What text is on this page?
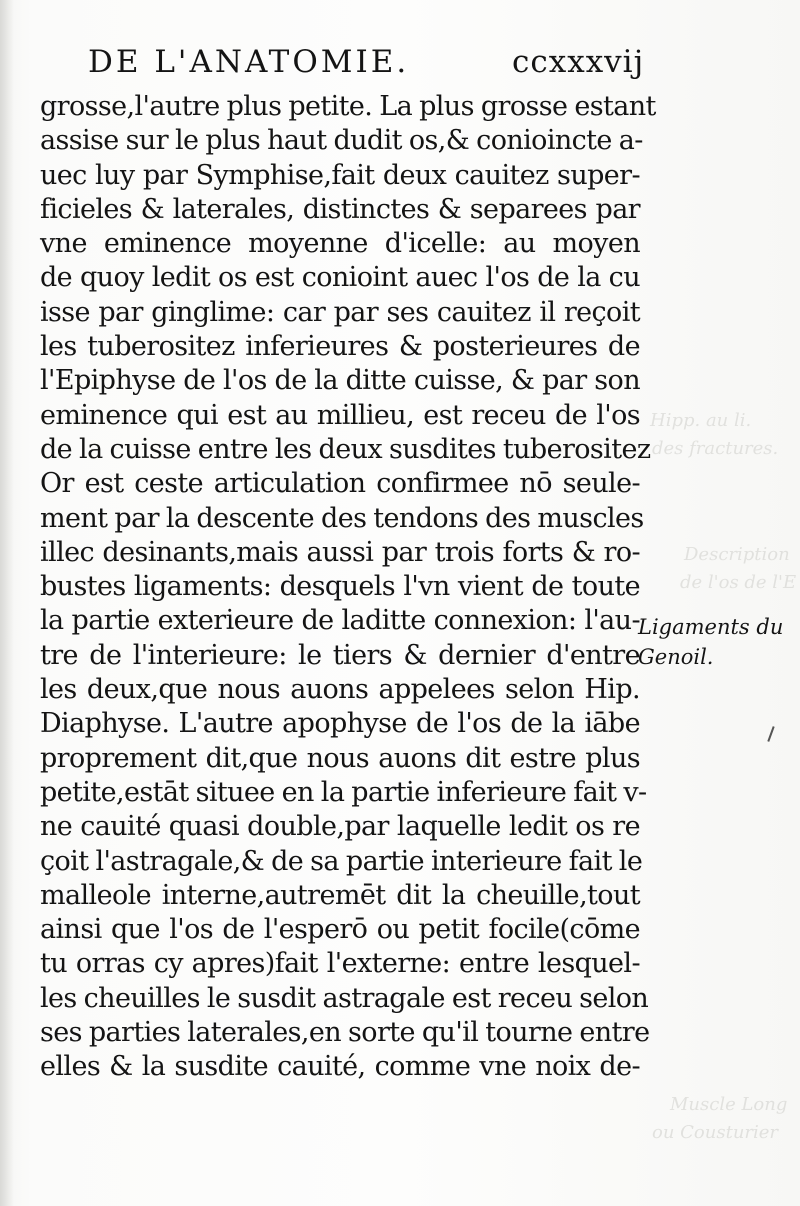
Hipp. au li.
des fractures.
Description
de l'os de l'E
Muscle Long
ou Cousturier
DE L'ANATOMIE.	ccxxxvij
grosse,l'autre plus petite. La plus grosse estant
assise sur le plus haut dudit os,& conioincte a-
uec luy par Symphise,fait deux cauitez super-
ficieles & laterales, distinctes & separees par
vne eminence moyenne d'icelle: au moyen
de quoy ledit os est conioint auec l'os de la cu
isse par ginglime: car par ses cauitez il reçoit
les tuberositez inferieures & posterieures de
l'Epiphyse de l'os de la ditte cuisse, & par son
eminence qui est au millieu, est receu de l'os
de la cuisse entre les deux susdites tuberositez
Or est ceste articulation confirmee nō seule-
ment par la descente des tendons des muscles
illec desinants,mais aussi par trois forts & ro-
bustes ligaments: desquels l'vn vient de toute
la partie exterieure de laditte connexion: l'au-
tre de l'interieure: le tiers & dernier d'entre
les deux,que nous auons appelees selon Hip.
Diaphyse. L'autre apophyse de l'os de la iābe
proprement dit,que nous auons dit estre plus
petite,estāt situee en la partie inferieure fait v-
ne cauité quasi double,par laquelle ledit os re
çoit l'astragale,& de sa partie interieure fait le
malleole interne,autremēt dit la cheuille,tout
ainsi que l'os de l'esperō ou petit focile(cōme
tu orras cy apres)fait l'externe: entre lesquel-
les cheuilles le susdit astragale est receu selon
ses parties laterales,en sorte qu'il tourne entre
elles & la susdite cauité, comme vne noix de-
Ligaments du
Genoil.
